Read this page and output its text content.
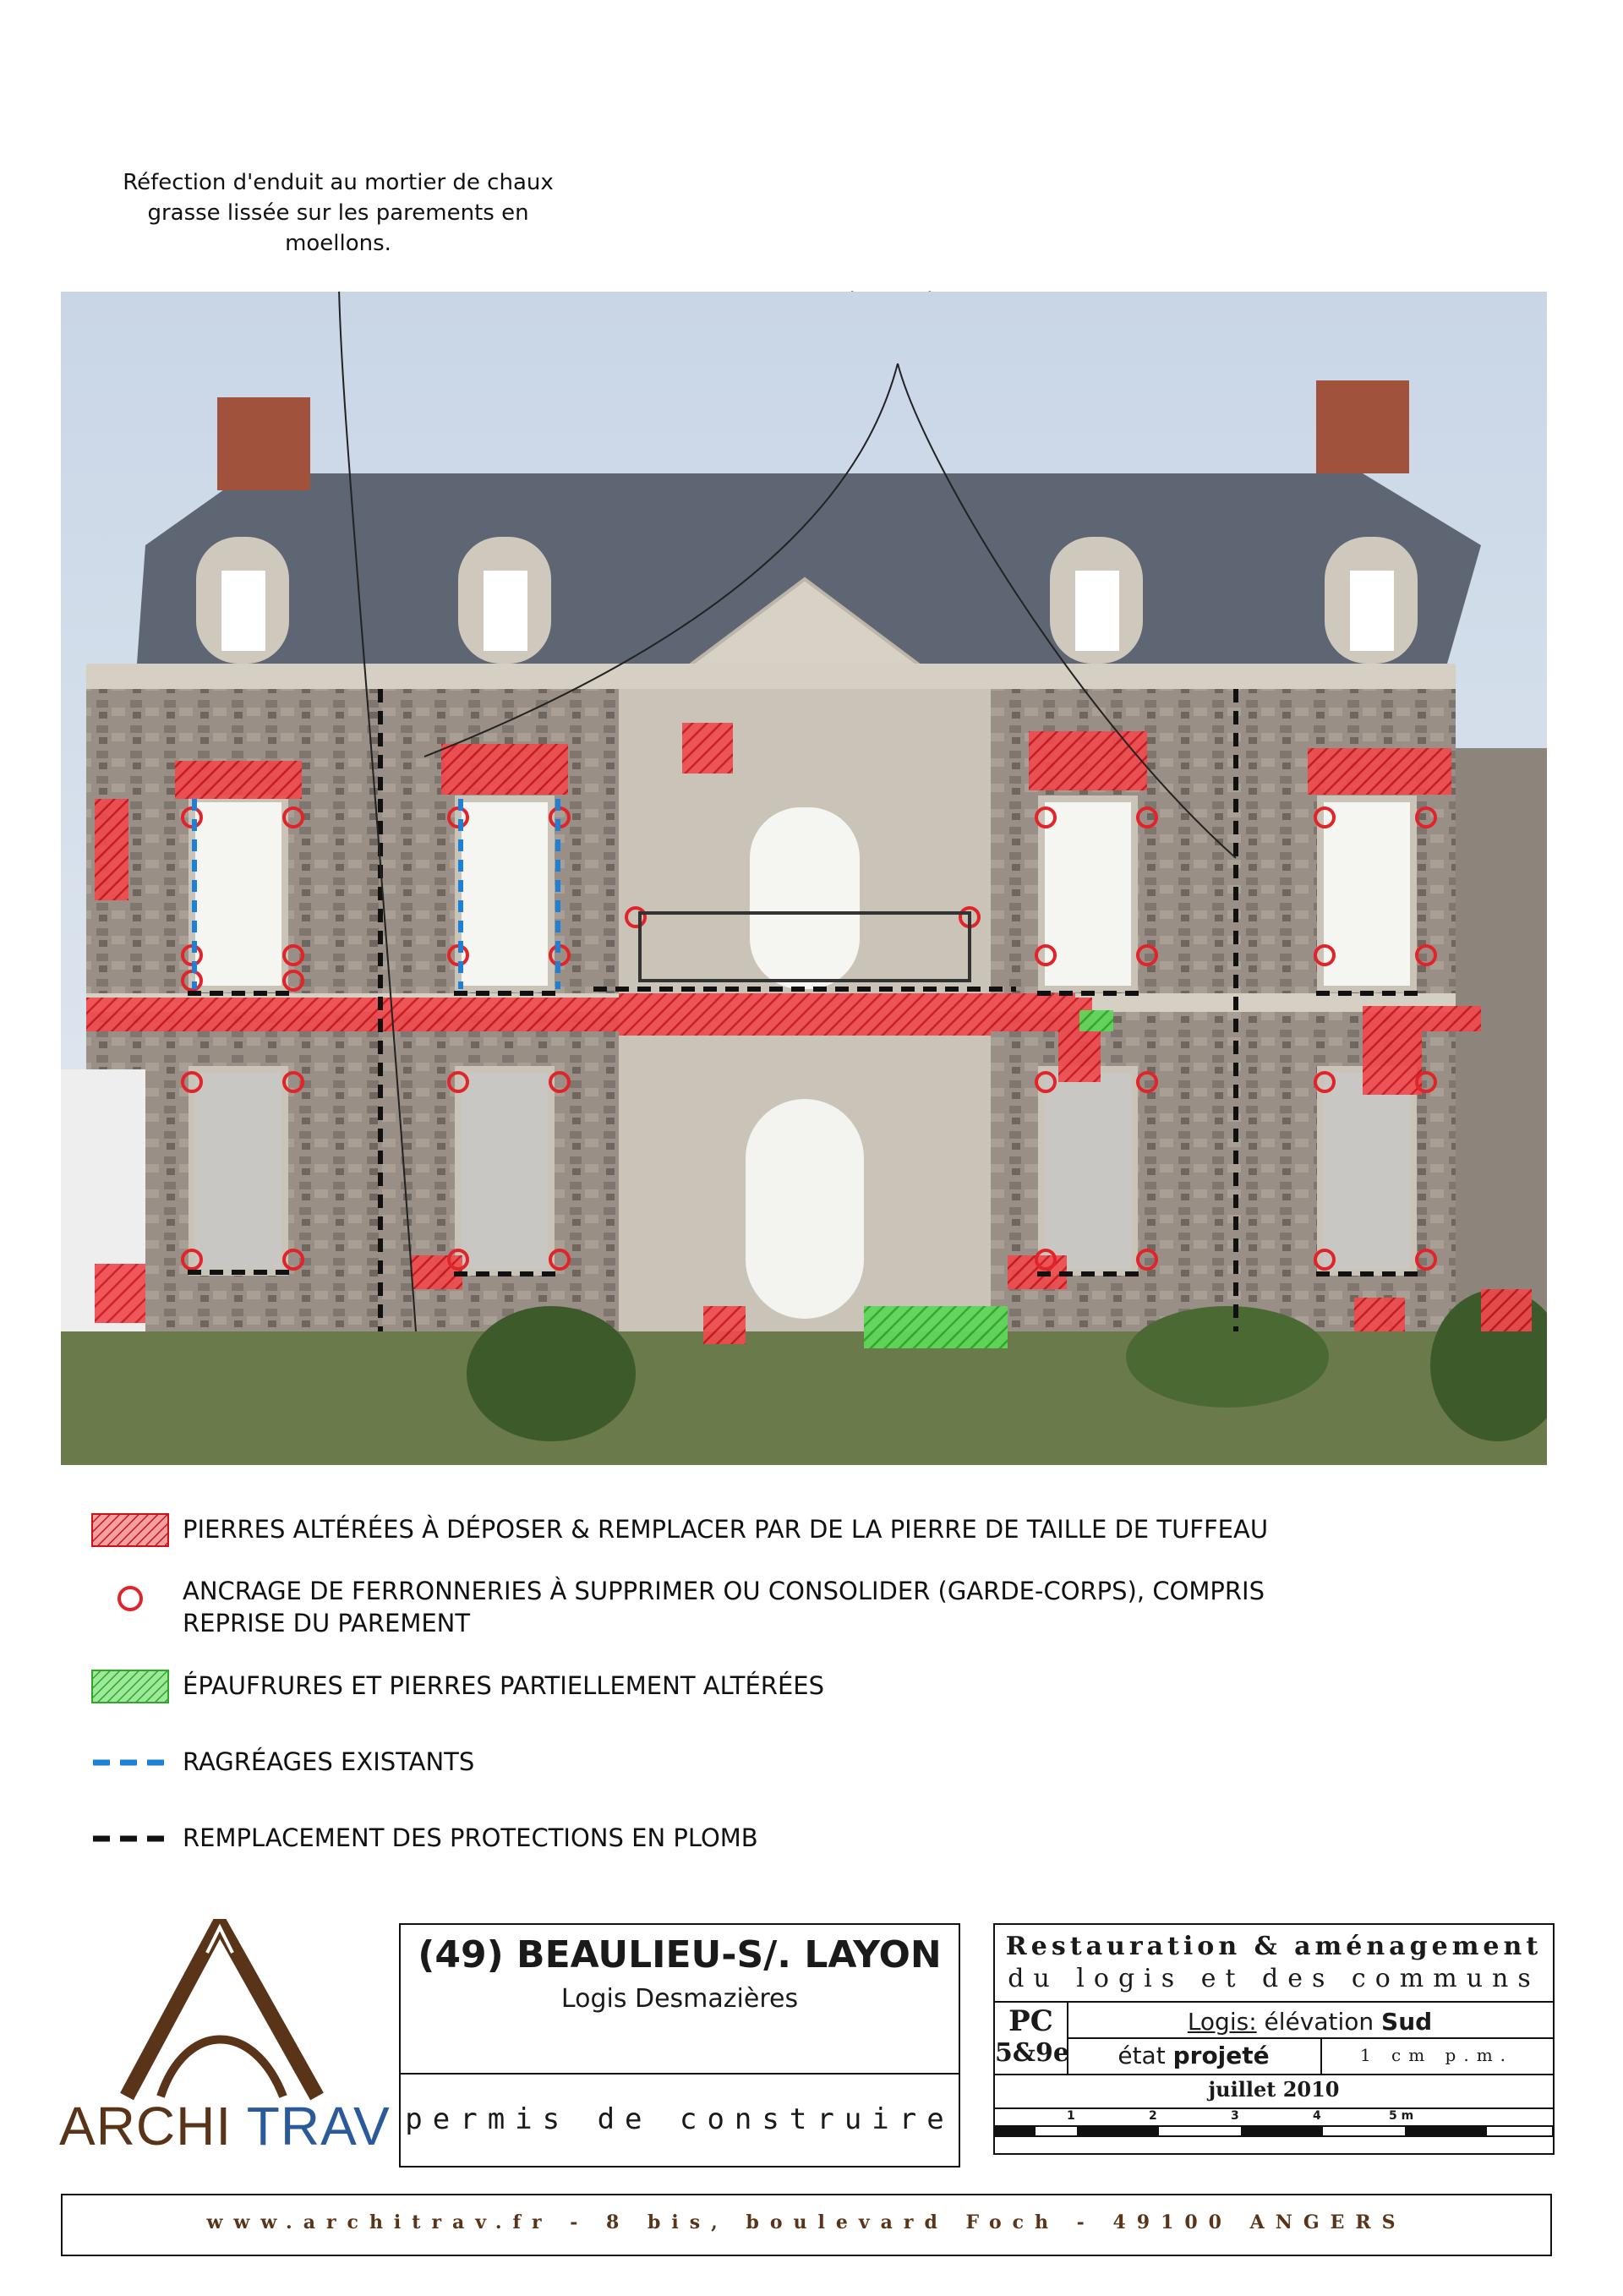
Réfection d'enduit au mortier de chaux
grasse lissée sur les parements en moellons.
PIERRES ALTÉRÉES À DÉPOSER & REMPLACER PAR DE LA PIERRE DE TAILLE DE TUFFEAU
ANCRAGE DE FERRONNERIES À SUPPRIMER OU CONSOLIDER (GARDE-CORPS), COMPRIS
REPRISE DU PAREMENT
ÉPAUFRURES ET PIERRES PARTIELLEMENT ALTÉRÉES
RAGRÉAGES EXISTANTS
REMPLACEMENT DES PROTECTIONS EN PLOMB
ARCHI TRAV
(49) BEAULIEU-S/. LAYON
Logis Desmazières
permis de construire
Restauration & aménagement
du logis et des communs
PC
5&9e
Logis: élévation Sud
état projeté	1 cm p.m.
juillet 2010
1	2	3	4	5 m
www.architrav.fr - 8 bis, boulevard Foch - 49100 ANGERS
